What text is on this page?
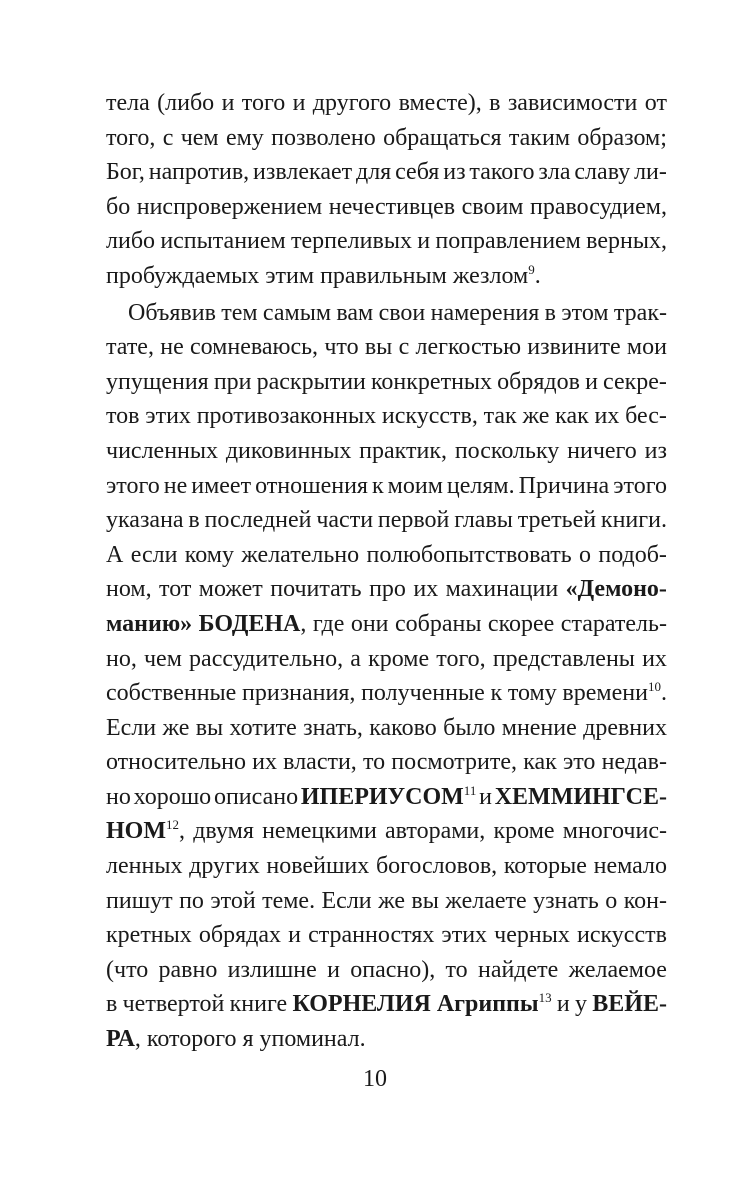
тела (либо и того и другого вместе), в зависимости от
того, с чем ему позволено обращаться таким образом;
Бог, напротив, извлекает для себя из такого зла славу ли-
бо ниспровержением нечестивцев своим правосудием,
либо испытанием терпеливых и поправлением верных,
пробуждаемых этим правильным жезлом$^9$.
Объявив тем самым вам свои намерения в этом трак-
тате, не сомневаюсь, что вы с легкостью извините мои
упущения при раскрытии конкретных обрядов и секре-
тов этих противозаконных искусств, так же как их бес-
численных диковинных практик, поскольку ничего из
этого не имеет отношения к моим целям. Причина этого
указана в последней части первой главы третьей книги.
А если кому желательно полюбопытствовать о подоб-
ном, тот может почитать про их махинации «Демоно-
манию» БОДЕНА, где они собраны скорее старатель-
но, чем рассудительно, а кроме того, представлены их
собственные признания, полученные к тому времени$^{10}$.
Если же вы хотите знать, каково было мнение древних
относительно их власти, то посмотрите, как это недав-
но хорошо описано ИПЕРИУСОМ$^{11}$ и ХЕММИНГСЕ-
НОМ$^{12}$, двумя немецкими авторами, кроме многочис-
ленных других новейших богословов, которые немало
пишут по этой теме. Если же вы желаете узнать о кон-
кретных обрядах и странностях этих черных искусств
(что равно излишне и опасно), то найдете желаемое
в четвертой книге КОРНЕЛИЯ Агриппы$^{13}$ и у ВЕЙЕ-
РА, которого я упоминал.
10
